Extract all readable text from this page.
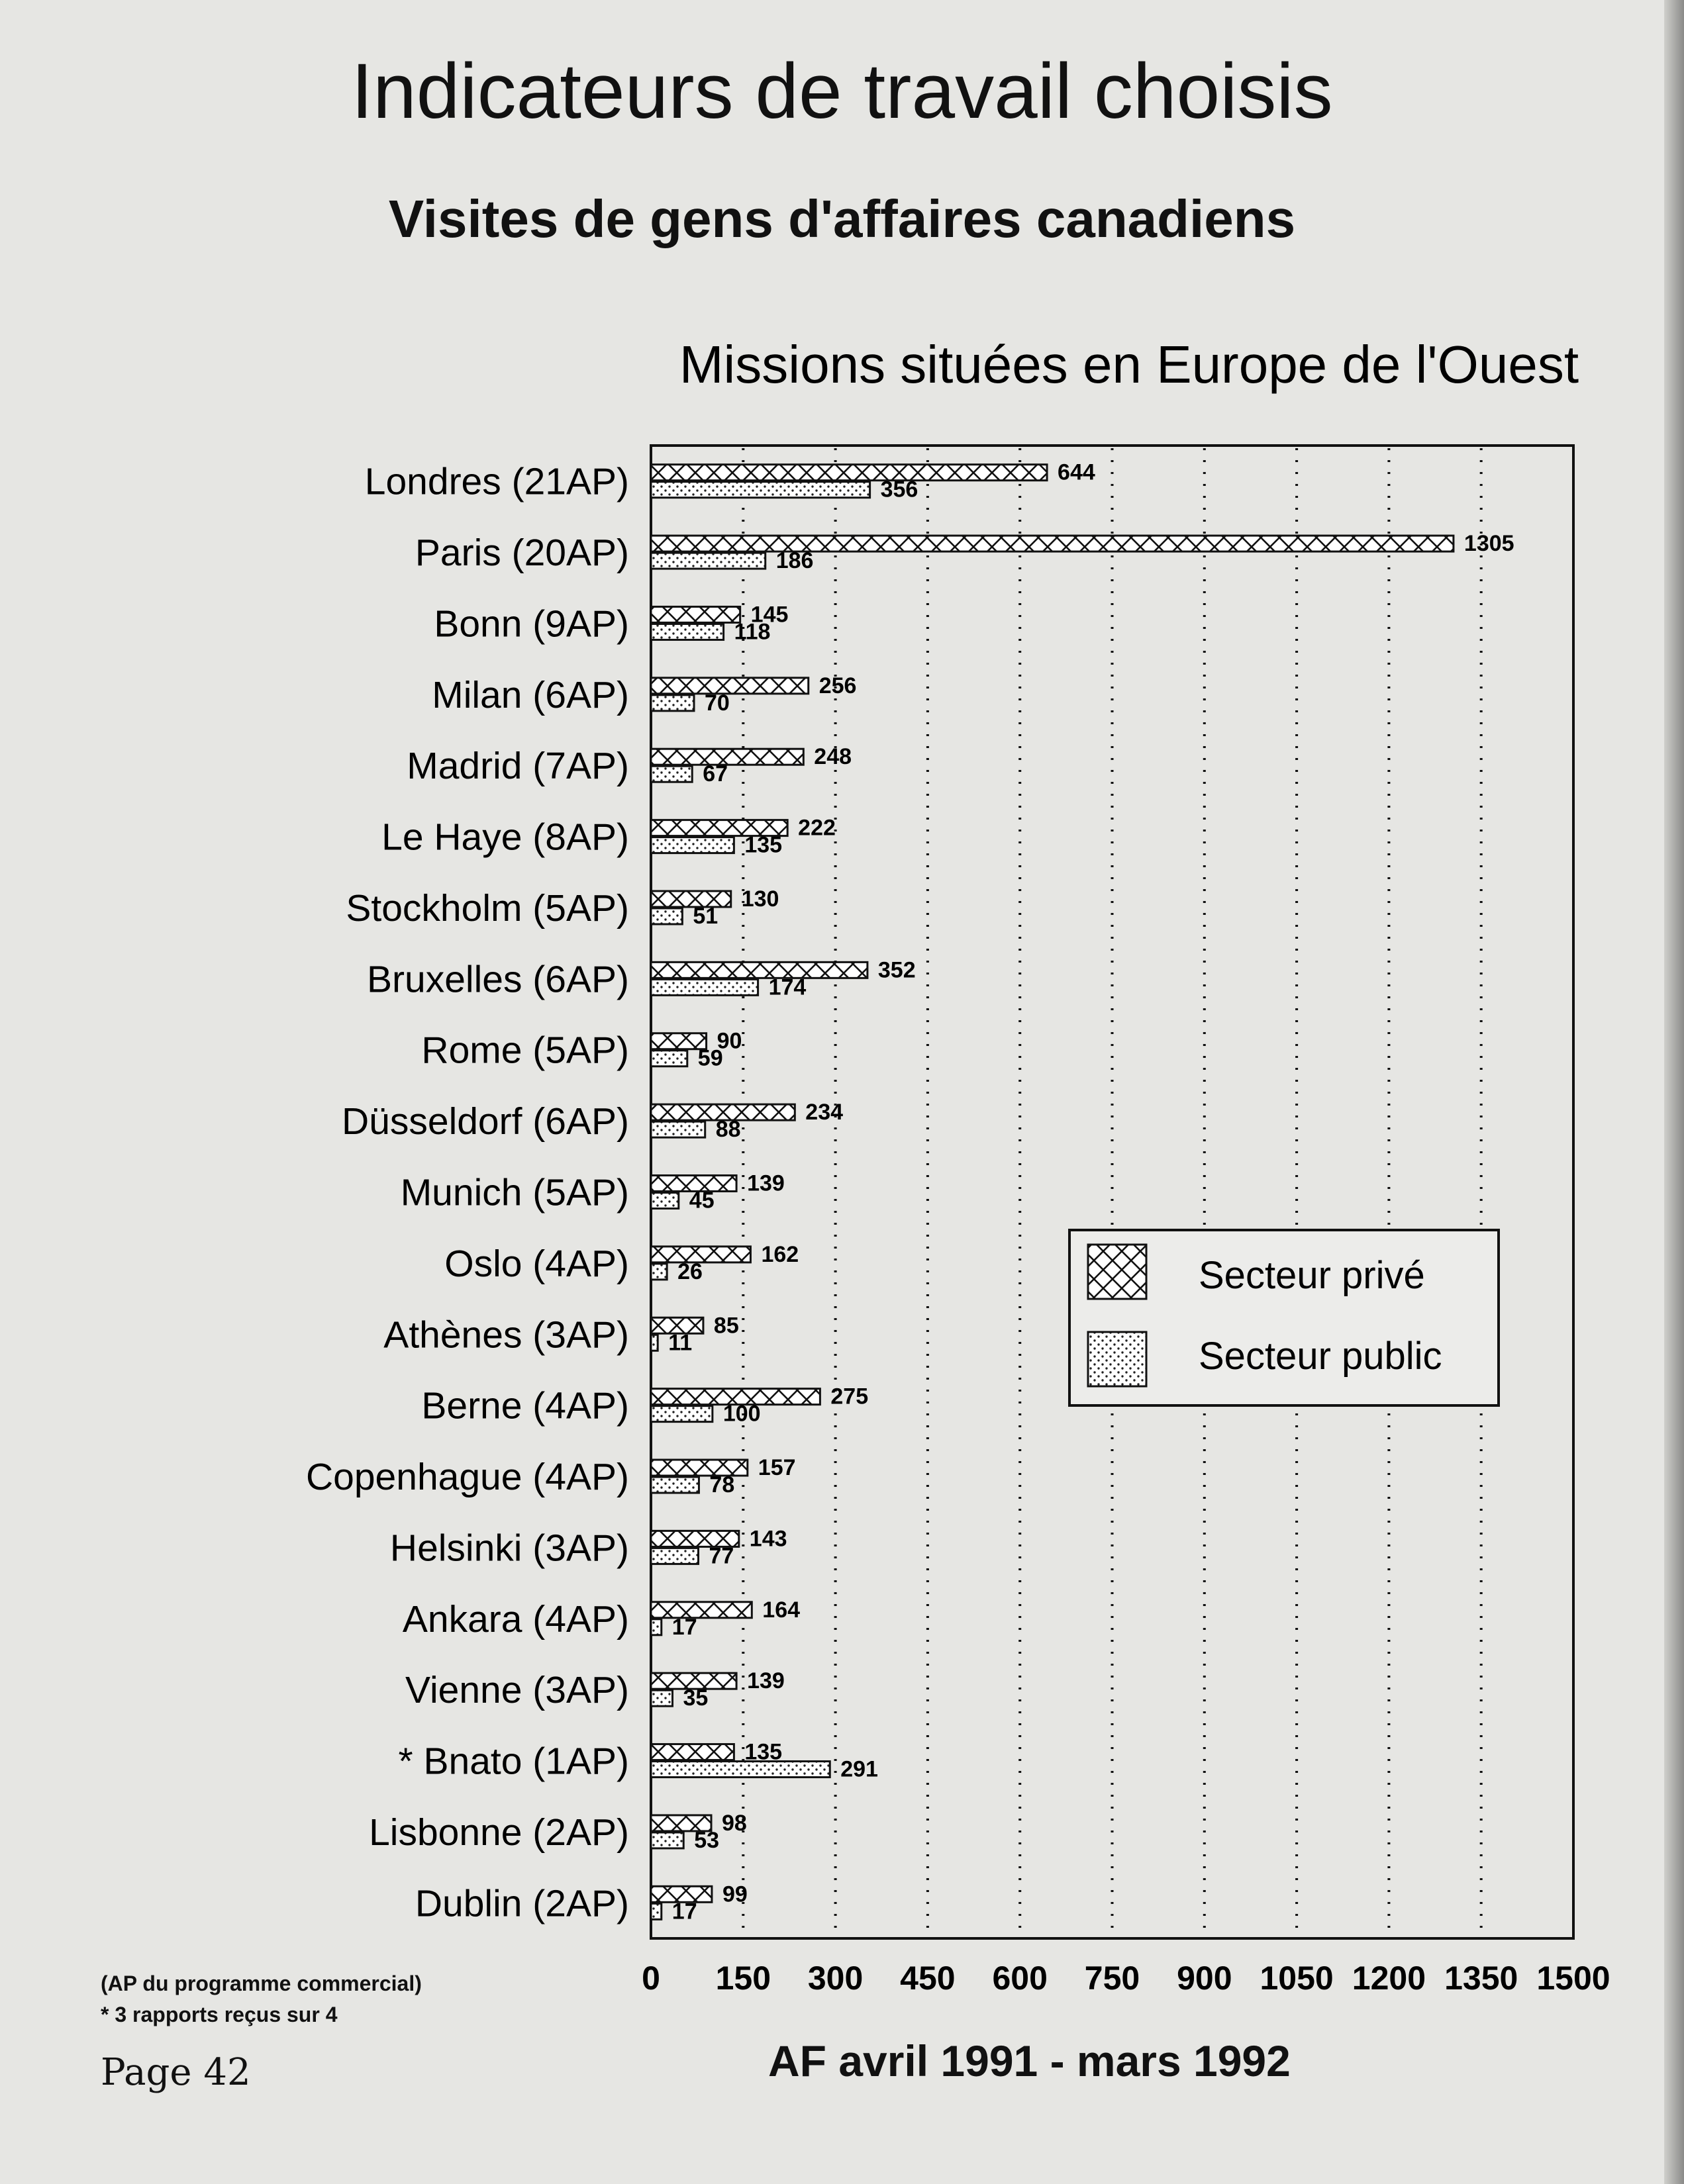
Indicateurs de travail choisis
Visites de gens d'affaires canadiens
Missions situées en Europe de l'Ouest
644
356
1305
186
145
118
256
70
248
67
222
135
130
51
352
174
90
59
234
88
139
45
162
26
85
11
275
100
157
78
143
77
164
17
139
35
135
291
98
53
99
17
Londres (21AP)
Paris (20AP)
Bonn (9AP)
Milan (6AP)
Madrid (7AP)
Le Haye (8AP)
Stockholm (5AP)
Bruxelles (6AP)
Rome (5AP)
Düsseldorf (6AP)
Munich (5AP)
Oslo (4AP)
Athènes (3AP)
Berne (4AP)
Copenhague (4AP)
Helsinki (3AP)
Ankara (4AP)
Vienne (3AP)
* Bnato (1AP)
Lisbonne (2AP)
Dublin (2AP)
0 150 300 450 600 750 900 1050 1200 1350 1500
Secteur privé
Secteur public
(AP du programme commercial)
* 3 rapports reçus sur 4
Page 42	AF avril 1991 - mars 1992
